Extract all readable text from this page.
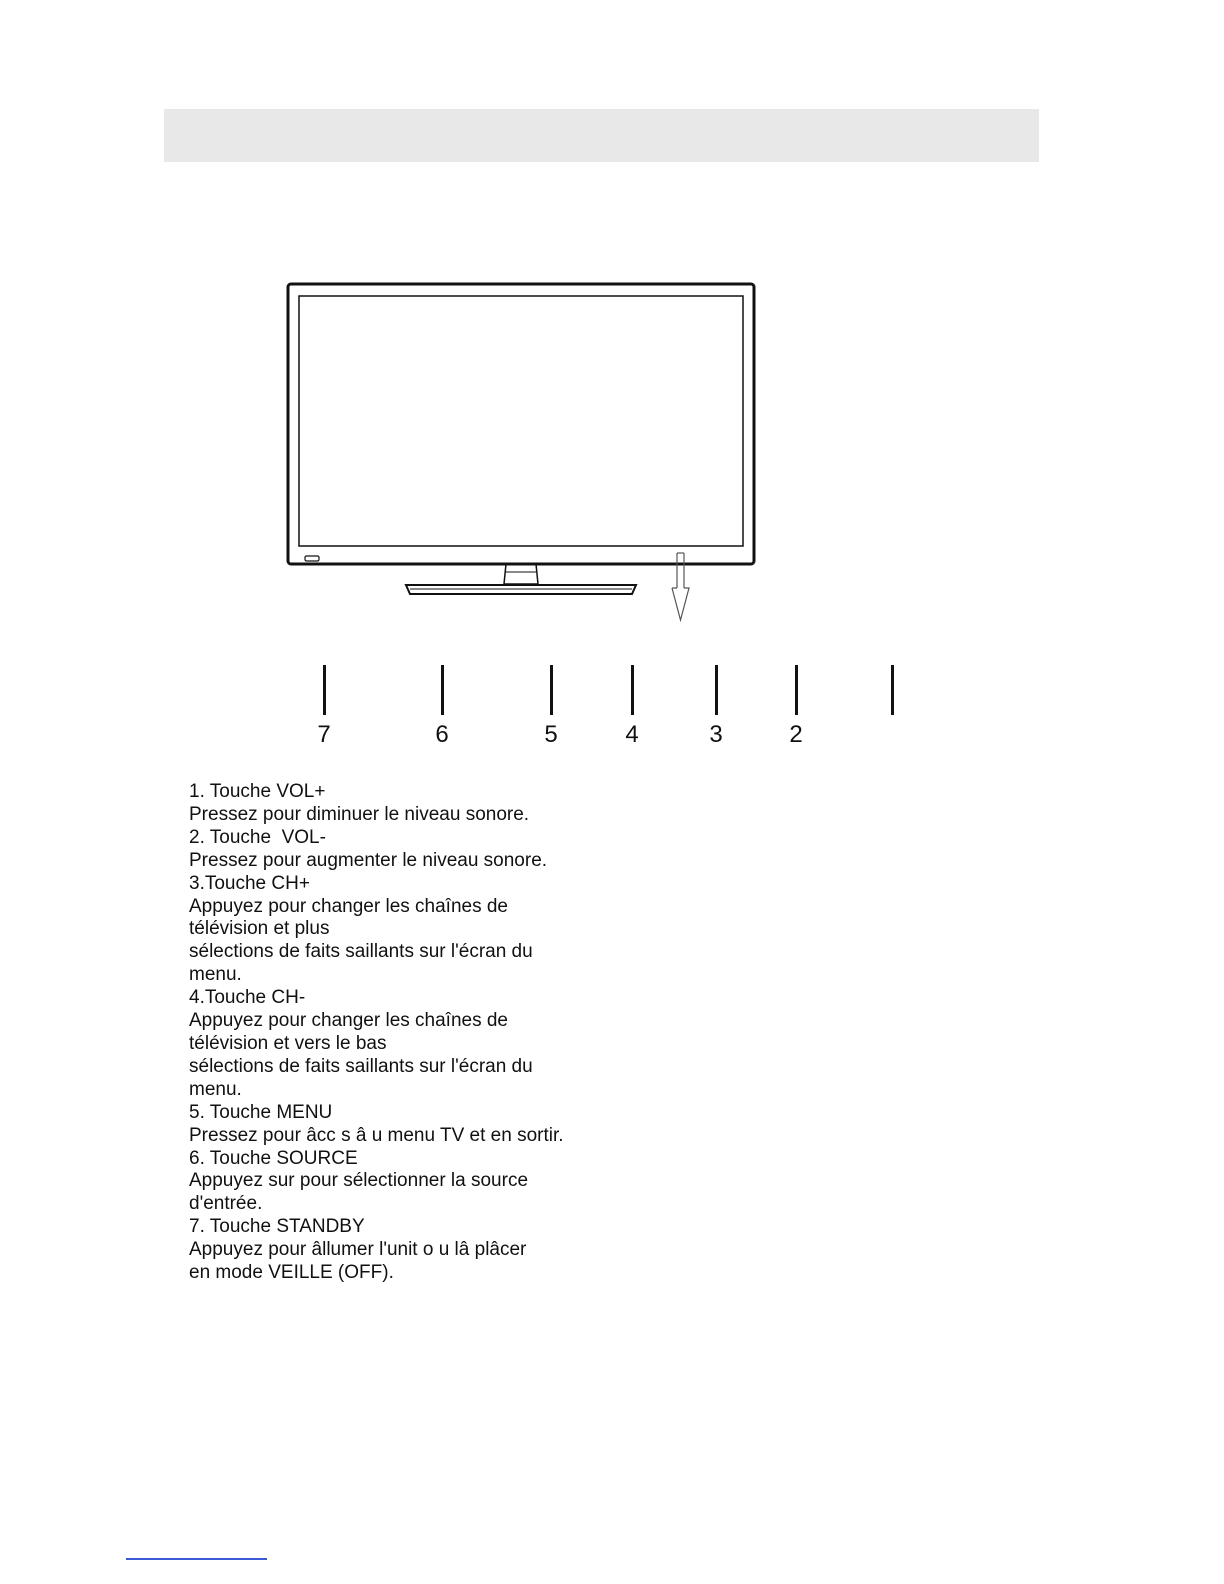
7	6	5	4	3	2
1. Touche VOL+
Pressez pour diminuer le niveau sonore.
2. Touche  VOL-
Pressez pour augmenter le niveau sonore.
3.Touche CH+
Appuyez pour changer les chaînes de
télévision et plus
sélections de faits saillants sur l'écran du
menu.
4.Touche CH-
Appuyez pour changer les chaînes de
télévision et vers le bas
sélections de faits saillants sur l'écran du
menu.
5. Touche MENU
Pressez pour âcc s â u menu TV et en sortir.
6. Touche SOURCE
Appuyez sur pour sélectionner la source
d'entrée.
7. Touche STANDBY
Appuyez pour âllumer l'unit o u lâ plâcer
en mode VEILLE (OFF).
